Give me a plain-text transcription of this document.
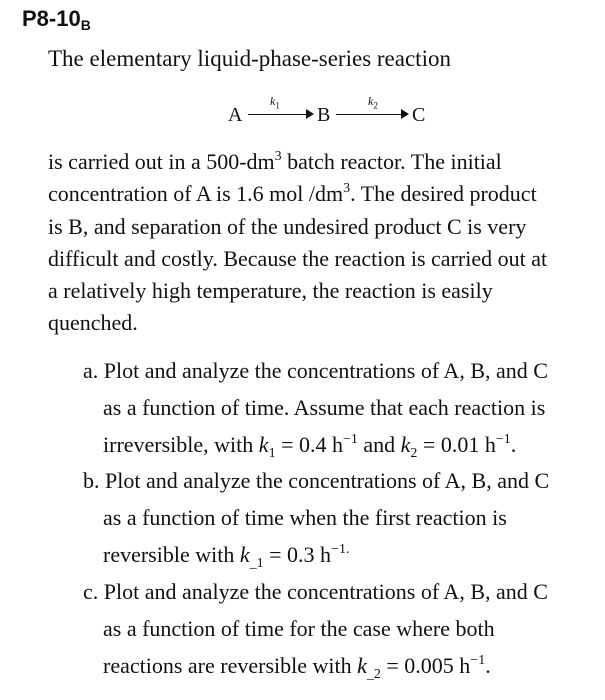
$P8-10_B$
The elementary liquid-phase-series reaction
A
$k_1$ B
$k_2$ C
is carried out in a $500-dm^3$ batch reactor. The initial
concentration of A is 1.6 mol $/dm^3$. The desired product
is B, and separation of the undesired product C is very
difficult and costly. Because the reaction is carried out at
a relatively high temperature, the reaction is easily
quenched.
a. Plot and analyze the concentrations of A, B, and C
as a function of time. Assume that each reaction is
irreversible, with $k_1 = 0.4$ $h^{-1}$ and $k_2 = 0.01$ $h^{-1}$.
b. Plot and analyze the concentrations of A, B, and C
as a function of time when the first reaction is
reversible with $k_{\_1} = 0.3$ $h^{-1.}$
c. Plot and analyze the concentrations of A, B, and C
as a function of time for the case where both
reactions are reversible with $k_{\_2} = 0.005$ $h^{-1}$.
